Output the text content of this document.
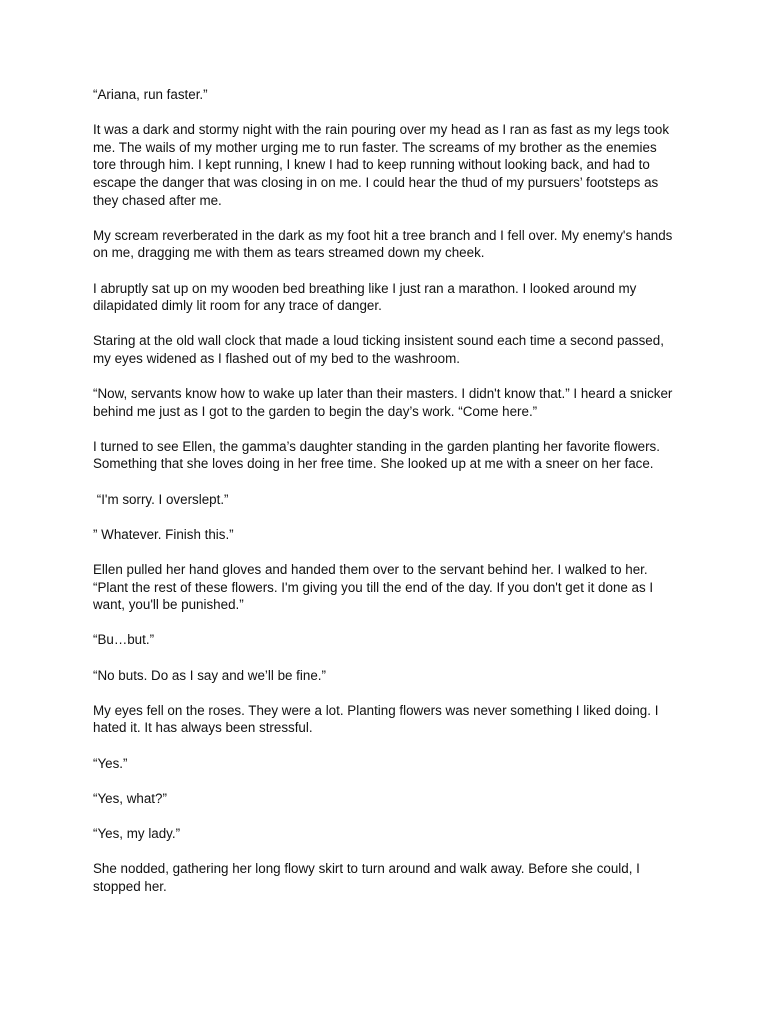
“Ariana, run faster.”

It was a dark and stormy night with the rain pouring over my head as I ran as fast as my legs took me. The wails of my mother urging me to run faster. The screams of my brother as the enemies tore through him. I kept running, I knew I had to keep running without looking back, and had to escape the danger that was closing in on me. I could hear the thud of my pursuers’ footsteps as they chased after me.

My scream reverberated in the dark as my foot hit a tree branch and I fell over. My enemy's hands on me, dragging me with them as tears streamed down my cheek.

I abruptly sat up on my wooden bed breathing like I just ran a marathon. I looked around my dilapidated dimly lit room for any trace of danger.

Staring at the old wall clock that made a loud ticking insistent sound each time a second passed, my eyes widened as I flashed out of my bed to the washroom.

“Now, servants know how to wake up later than their masters. I didn't know that.” I heard a snicker behind me just as I got to the garden to begin the day’s work. “Come here.”

I turned to see Ellen, the gamma’s daughter standing in the garden planting her favorite flowers. Something that she loves doing in her free time. She looked up at me with a sneer on her face.

“I'm sorry. I overslept.”

” Whatever. Finish this.”

Ellen pulled her hand gloves and handed them over to the servant behind her. I walked to her. “Plant the rest of these flowers. I'm giving you till the end of the day. If you don't get it done as I want, you'll be punished.”

“Bu…but.”

“No buts. Do as I say and we’ll be fine.”

My eyes fell on the roses. They were a lot. Planting flowers was never something I liked doing. I hated it. It has always been stressful.

“Yes.”

“Yes, what?”

“Yes, my lady.”

She nodded, gathering her long flowy skirt to turn around and walk away. Before she could, I stopped her.
